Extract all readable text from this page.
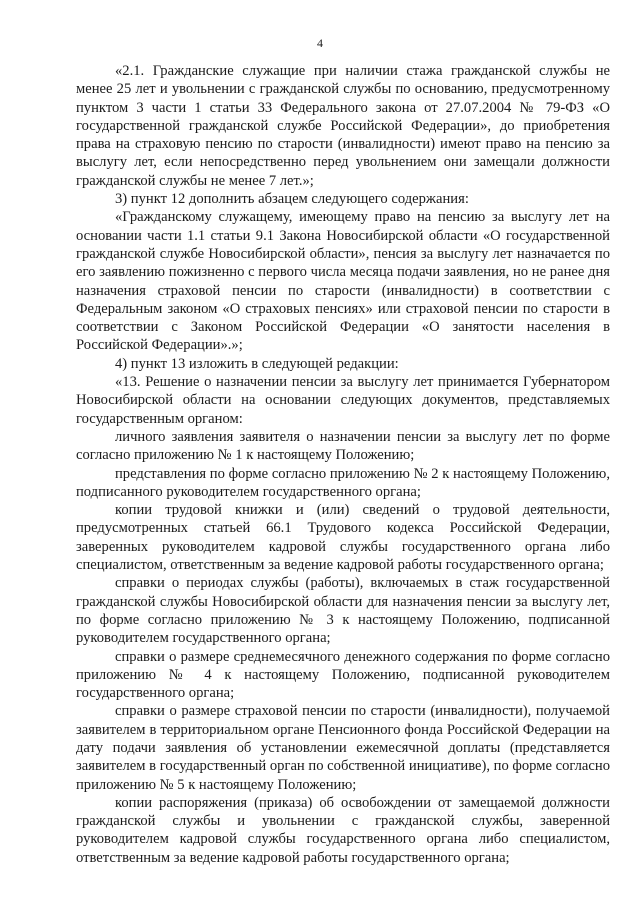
4

«2.1. Гражданские служащие при наличии стажа гражданской службы не менее 25 лет и увольнении с гражданской службы по основанию, предусмотренному пунктом 3 части 1 статьи 33 Федерального закона от 27.07.2004 № 79-ФЗ «О государственной гражданской службе Российской Федерации», до приобретения права на страховую пенсию по старости (инвалидности) имеют право на пенсию за выслугу лет, если непосредственно перед увольнением они замещали должности гражданской службы не менее 7 лет.»;

3) пункт 12 дополнить абзацем следующего содержания:

«Гражданскому служащему, имеющему право на пенсию за выслугу лет на основании части 1.1 статьи 9.1 Закона Новосибирской области «О государственной гражданской службе Новосибирской области», пенсия за выслугу лет назначается по его заявлению пожизненно с первого числа месяца подачи заявления, но не ранее дня назначения страховой пенсии по старости (инвалидности) в соответствии с Федеральным законом «О страховых пенсиях» или страховой пенсии по старости в соответствии с Законом Российской Федерации «О занятости населения в Российской Федерации».»;

4) пункт 13 изложить в следующей редакции:

«13. Решение о назначении пенсии за выслугу лет принимается Губернатором Новосибирской области на основании следующих документов, представляемых государственным органом:

личного заявления заявителя о назначении пенсии за выслугу лет по форме согласно приложению № 1 к настоящему Положению;

представления по форме согласно приложению № 2 к настоящему Положению, подписанного руководителем государственного органа;

копии трудовой книжки и (или) сведений о трудовой деятельности, предусмотренных статьей 66.1 Трудового кодекса Российской Федерации, заверенных руководителем кадровой службы государственного органа либо специалистом, ответственным за ведение кадровой работы государственного органа;

справки о периодах службы (работы), включаемых в стаж государственной гражданской службы Новосибирской области для назначения пенсии за выслугу лет, по форме согласно приложению № 3 к настоящему Положению, подписанной руководителем государственного органа;

справки о размере среднемесячного денежного содержания по форме согласно приложению № 4 к настоящему Положению, подписанной руководителем государственного органа;

справки о размере страховой пенсии по старости (инвалидности), получаемой заявителем в территориальном органе Пенсионного фонда Российской Федерации на дату подачи заявления об установлении ежемесячной доплаты (представляется заявителем в государственный орган по собственной инициативе), по форме согласно приложению № 5 к настоящему Положению;

копии распоряжения (приказа) об освобождении от замещаемой должности гражданской службы и увольнении с гражданской службы, заверенной руководителем кадровой службы государственного органа либо специалистом, ответственным за ведение кадровой работы государственного органа;
